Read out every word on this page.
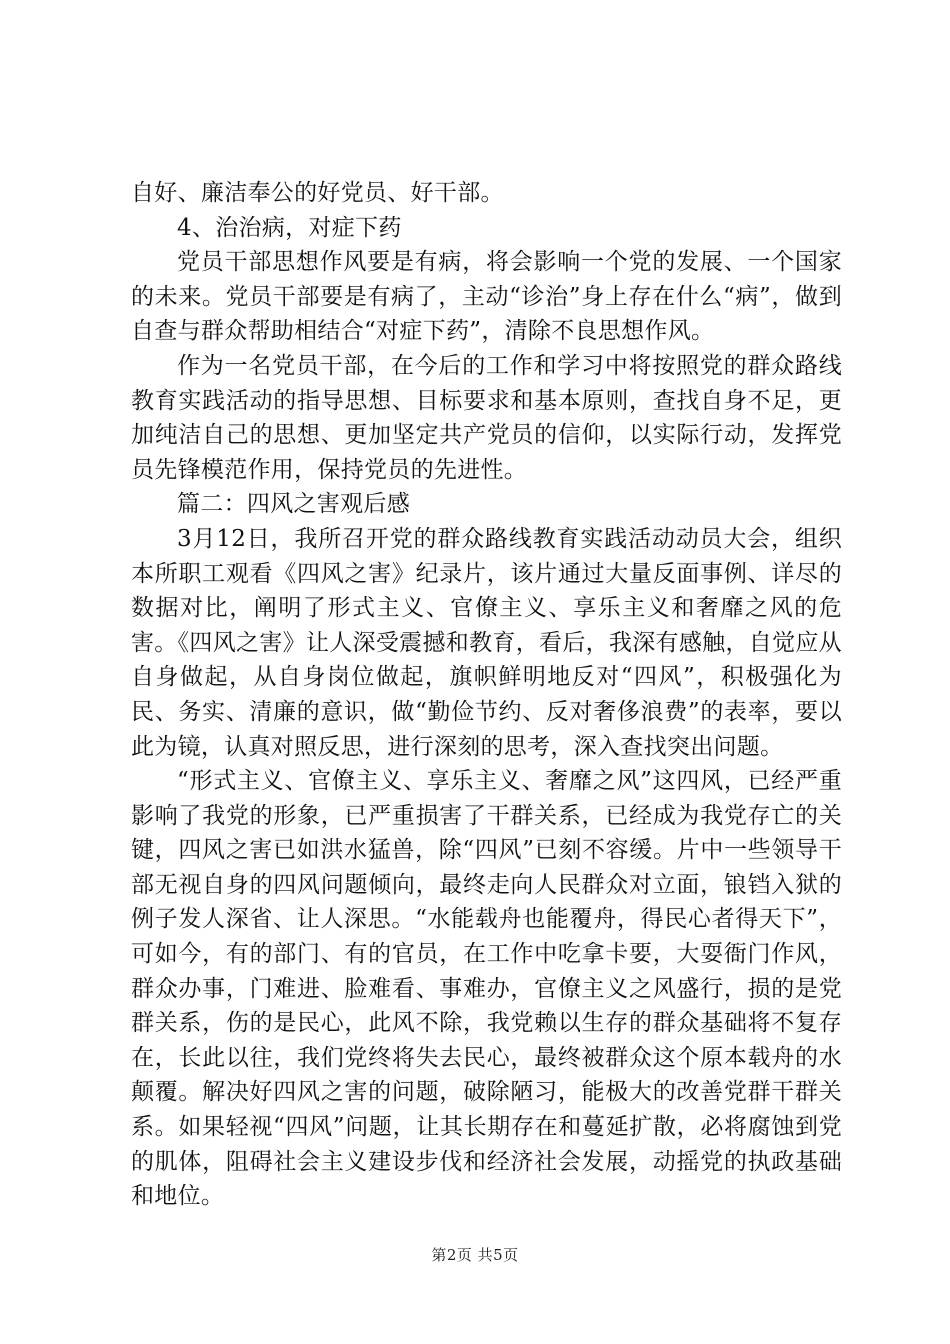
自好、廉洁奉公的好党员、好干部。

4、治治病，对症下药

党员干部思想作风要是有病，将会影响一个党的发展、一个国家的未来。党员干部要是有病了，主动“诊治”身上存在什么“病”，做到自查与群众帮助相结合“对症下药”，清除不良思想作风。

作为一名党员干部，在今后的工作和学习中将按照党的群众路线教育实践活动的指导思想、目标要求和基本原则，查找自身不足，更加纯洁自己的思想、更加坚定共产党员的信仰，以实际行动，发挥党员先锋模范作用，保持党员的先进性。

篇二：四风之害观后感

3月12日，我所召开党的群众路线教育实践活动动员大会，组织本所职工观看《四风之害》纪录片，该片通过大量反面事例、详尽的数据对比，阐明了形式主义、官僚主义、享乐主义和奢靡之风的危害。《四风之害》让人深受震撼和教育，看后，我深有感触，自觉应从自身做起，从自身岗位做起，旗帜鲜明地反对“四风”，积极强化为民、务实、清廉的意识，做“勤俭节约、反对奢侈浪费”的表率，要以此为镜，认真对照反思，进行深刻的思考，深入查找突出问题。

“形式主义、官僚主义、享乐主义、奢靡之风”这四风，已经严重影响了我党的形象，已严重损害了干群关系，已经成为我党存亡的关键，四风之害已如洪水猛兽，除“四风”已刻不容缓。片中一些领导干部无视自身的四风问题倾向，最终走向人民群众对立面，锒铛入狱的例子发人深省、让人深思。“水能载舟也能覆舟，得民心者得天下”，可如今，有的部门、有的官员，在工作中吃拿卡要，大耍衙门作风，群众办事，门难进、脸难看、事难办，官僚主义之风盛行，损的是党群关系，伤的是民心，此风不除，我党赖以生存的群众基础将不复存在，长此以往，我们党终将失去民心，最终被群众这个原本载舟的水颠覆。解决好四风之害的问题，破除陋习，能极大的改善党群干群关系。如果轻视“四风”问题，让其长期存在和蔓延扩散，必将腐蚀到党的肌体，阻碍社会主义建设步伐和经济社会发展，动摇党的执政基础和地位。

第2页 共5页
